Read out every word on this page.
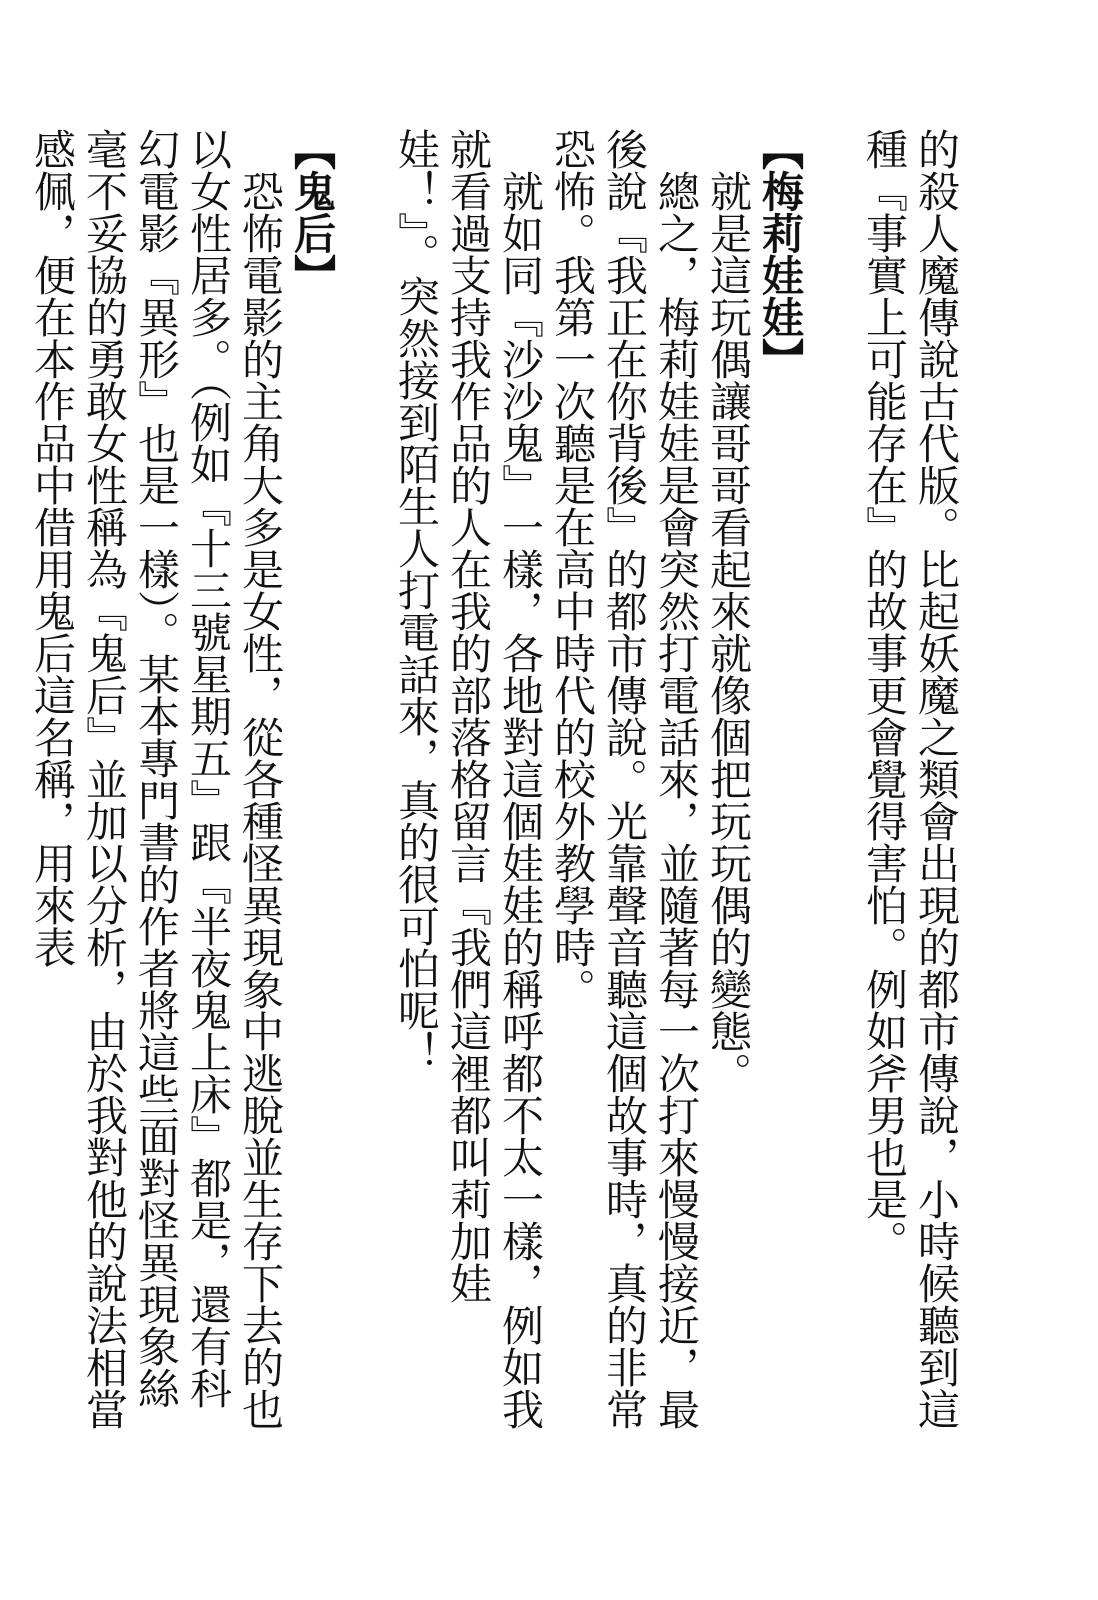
的殺人魔傳說古代版。比起妖魔之類會出現的都市傳說，小時候聽到這種『事實上可能存在』的故事更會覺得害怕。例如斧男也是。

【梅莉娃娃】

就是這玩偶讓哥哥看起來就像個把玩玩偶的變態。

總之，梅莉娃娃是會突然打電話來，並隨著每一次打來慢慢接近，最後說『我正在你背後』的都市傳說。光靠聲音聽這個故事時，真的非常恐怖。我第一次聽是在高中時代的校外教學時。

就如同『沙沙鬼』一樣，各地對這個娃娃的稱呼都不太一樣，例如我就看過支持我作品的人在我的部落格留言『我們這裡都叫莉加娃娃！』。突然接到陌生人打電話來，真的很可怕呢！

【鬼后】

恐怖電影的主角大多是女性，從各種怪異現象中逃脫並生存下去的也以女性居多。（例如『十三號星期五』跟『半夜鬼上床』都是，還有科幻電影『異形』也是一樣）。某本專門書的作者將這些面對怪異現象絲毫不妥協的勇敢女性稱為『鬼后』並加以分析，由於我對他的說法相當感佩，便在本作品中借用鬼后這名稱，用來表
